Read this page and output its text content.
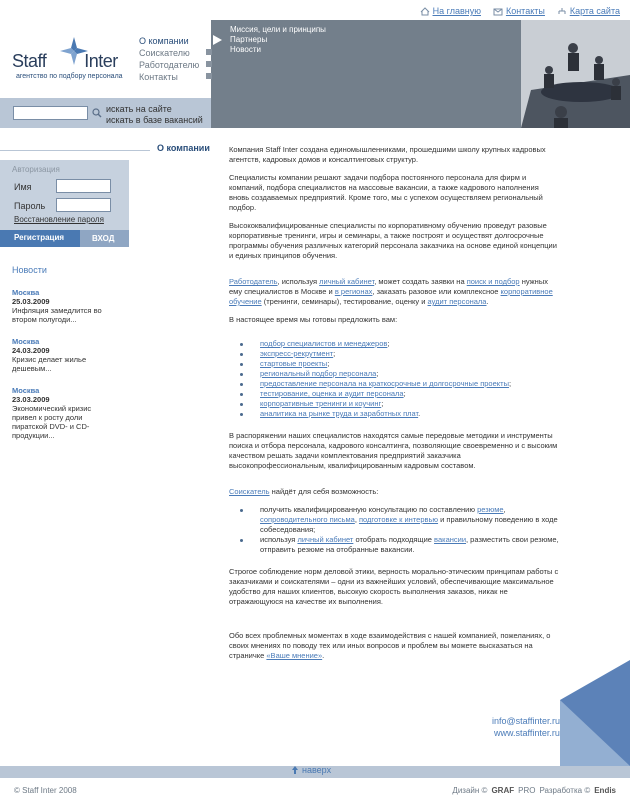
На главную	Контакты	Карта сайта
Staff Inter
агентство по подбору персонала
О компании
Соискателю
Работодателю
Контакты
Миссия, цели и принципы
Партнеры
Новости
искать на сайте
искать в базе вакансий
О компании
Авторизация
Имя
Пароль
Восстановление пароля
Регистрация	ВХОД
Новости
Москва
25.03.2009
Инфляция замедлится во втором полугоди...
Москва
24.03.2009
Кризис делает жилье дешевым...
Москва
23.03.2009
Экономический кризис привел к росту доли пиратской DVD- и CD-продукции...

Компания Staff Inter создана единомышленниками, прошедшими школу крупных кадровых агентств, кадровых домов и консалтинговых структур.

Специалисты компании решают задачи подбора постоянного персонала для фирм и компаний, подбора специалистов на массовые вакансии, а также кадрового наполнения вновь создаваемых предприятий. Кроме того, мы с успехом осуществляем региональный подбор.

Высококвалифицированные специалисты по корпоративному обучению проведут разовые корпоративные тренинги, игры и семинары, а также построят и осуществят долгосрочные программы обучения различных категорий персонала заказчика на основе единой концепции и единых принципов обучения.

Работодатель, используя личный кабинет, может создать заявки на поиск и подбор нужных ему специалистов в Москве и в регионах, заказать разовое или комплексное корпоративное обучение (тренинги, семинары), тестирование, оценку и аудит персонала.

В настоящее время мы готовы предложить вам:

подбор специалистов и менеджеров;
экспресс-рекрутмент;
стартовые проекты;
региональный подбор персонала;
предоставление персонала на краткосрочные и долгосрочные проекты;
тестирование, оценка и аудит персонала;
корпоративные тренинги и коучинг;
аналитика на рынке труда и заработных плат.

В распоряжении наших специалистов находятся самые передовые методики и инструменты поиска и отбора персонала, кадрового консалтинга, позволяющие своевременно и с высоким качеством решать задачи комплектования предприятий заказчика высокопрофессиональным, квалифицированным кадровым составом.

Соискатель найдёт для себя возможность:

получить квалифицированную консультацию по составлению резюме, сопроводительного письма, подготовке к интервью и правильному поведению в ходе собеседования;
используя личный кабинет отобрать подходящие вакансии, разместить свои резюме, отправить резюме на отобранные вакансии.

Строгое соблюдение норм деловой этики, верность морально-этическим принципам работы с заказчиками и соискателями – одни из важнейших условий, обеспечивающие максимальное удобство для наших клиентов, высокую скорость выполнения заказов, никак не отражающуюся на качестве их выполнения.

Обо всех проблемных моментах в ходе взаимодействия с нашей компанией, пожеланиях, о своих мнениях по поводу тех или иных вопросов и проблем вы можете высказаться на страничке «Ваше мнение».

info@staffinter.ru
www.staffinter.ru
наверх
© Staff Inter 2008	Дизайн © GRAF PRO Разработка © Endis
